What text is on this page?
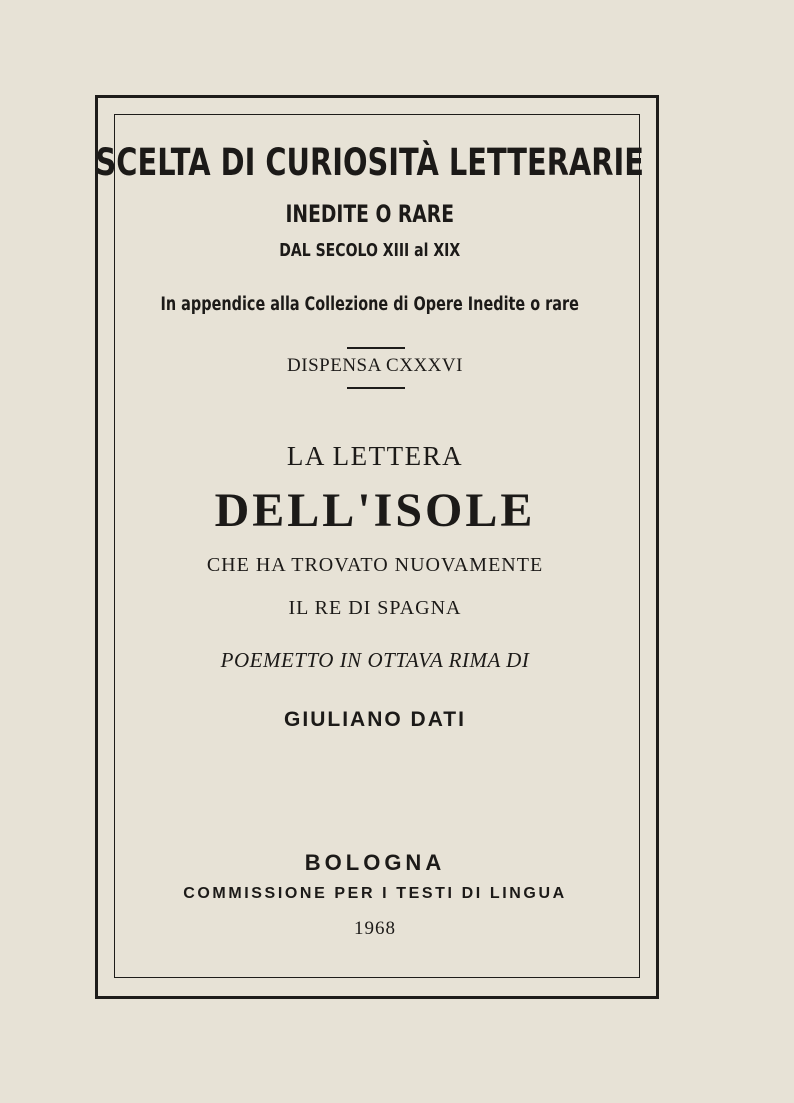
SCELTA DI CURIOSITÀ LETTERARIE
INEDITE O RARE
DAL SECOLO XIII al XIX
In appendice alla Collezione di Opere Inedite o rare
DISPENSA CXXXVI
LA LETTERA
DELL'ISOLE
CHE HA TROVATO NUOVAMENTE
IL RE DI SPAGNA
POEMETTO IN OTTAVA RIMA DI
GIULIANO DATI
BOLOGNA
COMMISSIONE PER I TESTI DI LINGUA
1968
